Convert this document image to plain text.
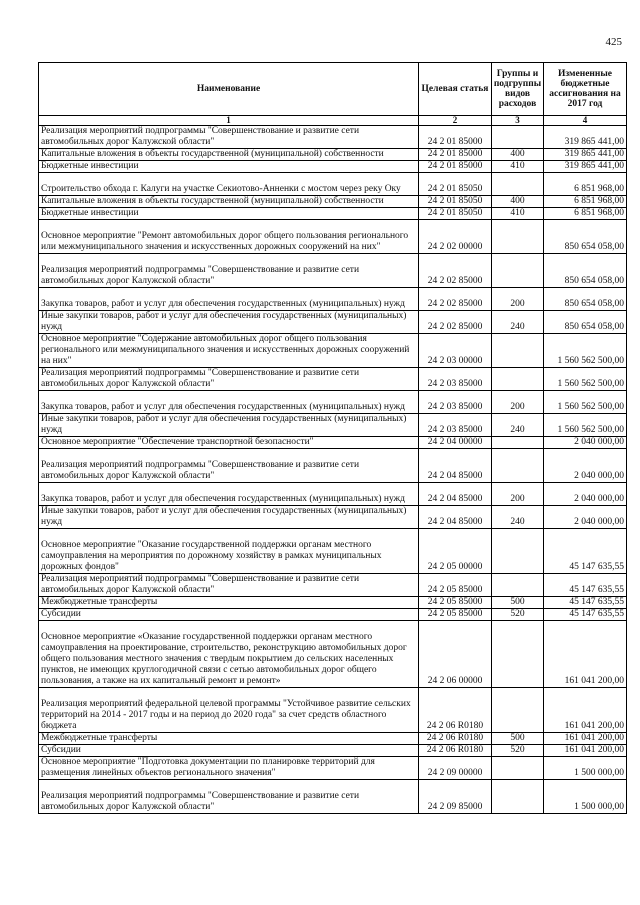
425
Наименование	Целевая статья	Группы и подгруппы видов расходов	Измененные бюджетные ассигнования на 2017 год
1	2	3	4
Реализация мероприятий подпрограммы "Совершенствование и развитие сети автомобильных дорог Калужской области"	24 2 01 85000		319 865 441,00
Капитальные вложения в объекты государственной (муниципальной) собственности	24 2 01 85000	400	319 865 441,00
Бюджетные инвестиции	24 2 01 85000	410	319 865 441,00
Строительство обхода г. Калуги на участке Секиотово-Анненки с мостом через реку Оку	24 2 01 85050		6 851 968,00
Капитальные вложения в объекты государственной (муниципальной) собственности	24 2 01 85050	400	6 851 968,00
Бюджетные инвестиции	24 2 01 85050	410	6 851 968,00
Основное мероприятие "Ремонт автомобильных дорог общего пользования регионального или межмуниципального значения и искусственных дорожных сооружений на них"	24 2 02 00000		850 654 058,00
Реализация мероприятий подпрограммы "Совершенствование и развитие сети автомобильных дорог Калужской области"	24 2 02 85000		850 654 058,00
Закупка товаров, работ и услуг для обеспечения государственных (муниципальных) нужд	24 2 02 85000	200	850 654 058,00
Иные закупки товаров, работ и услуг для обеспечения государственных (муниципальных) нужд	24 2 02 85000	240	850 654 058,00
Основное мероприятие "Содержание автомобильных дорог общего пользования регионального или межмуниципального значения и искусственных дорожных сооружений на них"	24 2 03 00000		1 560 562 500,00
Реализация мероприятий подпрограммы "Совершенствование и развитие сети автомобильных дорог Калужской области"	24 2 03 85000		1 560 562 500,00
Закупка товаров, работ и услуг для обеспечения государственных (муниципальных) нужд	24 2 03 85000	200	1 560 562 500,00
Иные закупки товаров, работ и услуг для обеспечения государственных (муниципальных) нужд	24 2 03 85000	240	1 560 562 500,00
Основное мероприятие "Обеспечение транспортной безопасности"	24 2 04 00000		2 040 000,00
Реализация мероприятий подпрограммы "Совершенствование и развитие сети автомобильных дорог Калужской области"	24 2 04 85000		2 040 000,00
Закупка товаров, работ и услуг для обеспечения государственных (муниципальных) нужд	24 2 04 85000	200	2 040 000,00
Иные закупки товаров, работ и услуг для обеспечения государственных (муниципальных) нужд	24 2 04 85000	240	2 040 000,00
Основное мероприятие "Оказание государственной поддержки органам местного самоуправления на мероприятия по дорожному хозяйству в рамках муниципальных дорожных фондов"	24 2 05 00000		45 147 635,55
Реализация мероприятий подпрограммы "Совершенствование и развитие сети автомобильных дорог Калужской области"	24 2 05 85000		45 147 635,55
Межбюджетные трансферты	24 2 05 85000	500	45 147 635,55
Субсидии	24 2 05 85000	520	45 147 635,55
Основное мероприятие «Оказание государственной поддержки органам местного самоуправления на проектирование, строительство, реконструкцию автомобильных дорог общего пользования местного значения с твердым покрытием до сельских населенных пунктов, не имеющих круглогодичной связи с сетью автомобильных дорог общего пользования, а также на их капитальный ремонт и ремонт»	24 2 06 00000		161 041 200,00
Реализация мероприятий федеральной целевой программы "Устойчивое развитие сельских территорий на 2014 - 2017 годы и на период до 2020 года" за счет средств областного бюджета	24 2 06 R0180		161 041 200,00
Межбюджетные трансферты	24 2 06 R0180	500	161 041 200,00
Субсидии	24 2 06 R0180	520	161 041 200,00
Основное мероприятие "Подготовка документации по планировке территорий для размещения линейных объектов регионального значения"	24 2 09 00000		1 500 000,00
Реализация мероприятий подпрограммы "Совершенствование и развитие сети автомобильных дорог Калужской области"	24 2 09 85000		1 500 000,00
